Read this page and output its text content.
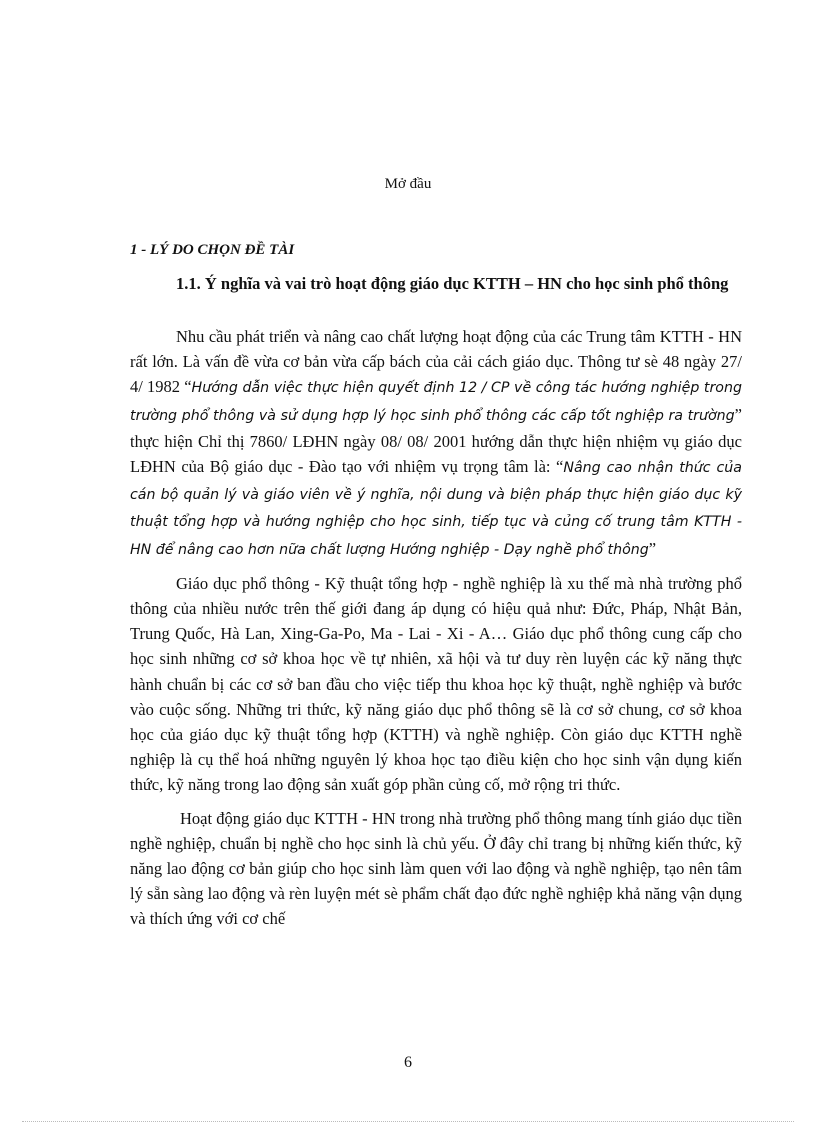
Mở đầu
1 - LÝ DO CHỌN ĐỀ TÀI
1.1. Ý nghĩa và vai trò hoạt động giáo dục KTTH – HN cho học sinh phổ thông

Nhu cầu phát triển và nâng cao chất lượng hoạt động của các Trung tâm KTTH - HN rất lớn. Là vấn đề vừa cơ bản vừa cấp bách của cải cách giáo dục. Thông tư sè 48 ngày 27/ 4/ 1982 “Hướng dẫn việc thực hiện quyết định 12 / CP về công tác hướng nghiệp trong trường phổ thông và sử dụng hợp lý học sinh phổ thông các cấp tốt nghiệp ra trường” thực hiện Chỉ thị 7860/ LĐHN ngày 08/ 08/ 2001 hướng dẫn thực hiện nhiệm vụ giáo dục LĐHN của Bộ giáo dục - Đào tạo với nhiệm vụ trọng tâm là: “Nâng cao nhận thức của cán bộ quản lý và giáo viên về ý nghĩa, nội dung và biện pháp thực hiện giáo dục kỹ thuật tổng hợp và hướng nghiệp cho học sinh, tiếp tục và củng cố trung tâm KTTH - HN để nâng cao hơn nữa chất lượng Hướng nghiệp - Dạy nghề phổ thông”

Giáo dục phổ thông - Kỹ thuật tổng hợp - nghề nghiệp là xu thế mà nhà trường phổ thông của nhiều nước trên thế giới đang áp dụng có hiệu quả như: Đức, Pháp, Nhật Bản, Trung Quốc, Hà Lan, Xing-Ga-Po, Ma - Lai - Xi - A… Giáo dục phổ thông cung cấp cho học sinh những cơ sở khoa học về tự nhiên, xã hội và tư duy rèn luyện các kỹ năng thực hành chuẩn bị các cơ sở ban đầu cho việc tiếp thu khoa học kỹ thuật, nghề nghiệp và bước vào cuộc sống. Những tri thức, kỹ năng giáo dục phổ thông sẽ là cơ sở chung, cơ sở khoa học của giáo dục kỹ thuật tổng hợp (KTTH) và nghề nghiệp. Còn giáo dục KTTH nghề nghiệp là cụ thể hoá những nguyên lý khoa học tạo điều kiện cho học sinh vận dụng kiến thức, kỹ năng trong lao động sản xuất góp phần củng cố, mở rộng tri thức.

Hoạt động giáo dục KTTH - HN trong nhà trường phổ thông mang tính giáo dục tiền nghề nghiệp, chuẩn bị nghề cho học sinh là chủ yếu. Ở đây chỉ trang bị những kiến thức, kỹ năng lao động cơ bản giúp cho học sinh làm quen với lao động và nghề nghiệp, tạo nên tâm lý sẵn sàng lao động và rèn luyện mét sè phẩm chất đạo đức nghề nghiệp khả năng vận dụng và thích ứng với cơ chế

6
